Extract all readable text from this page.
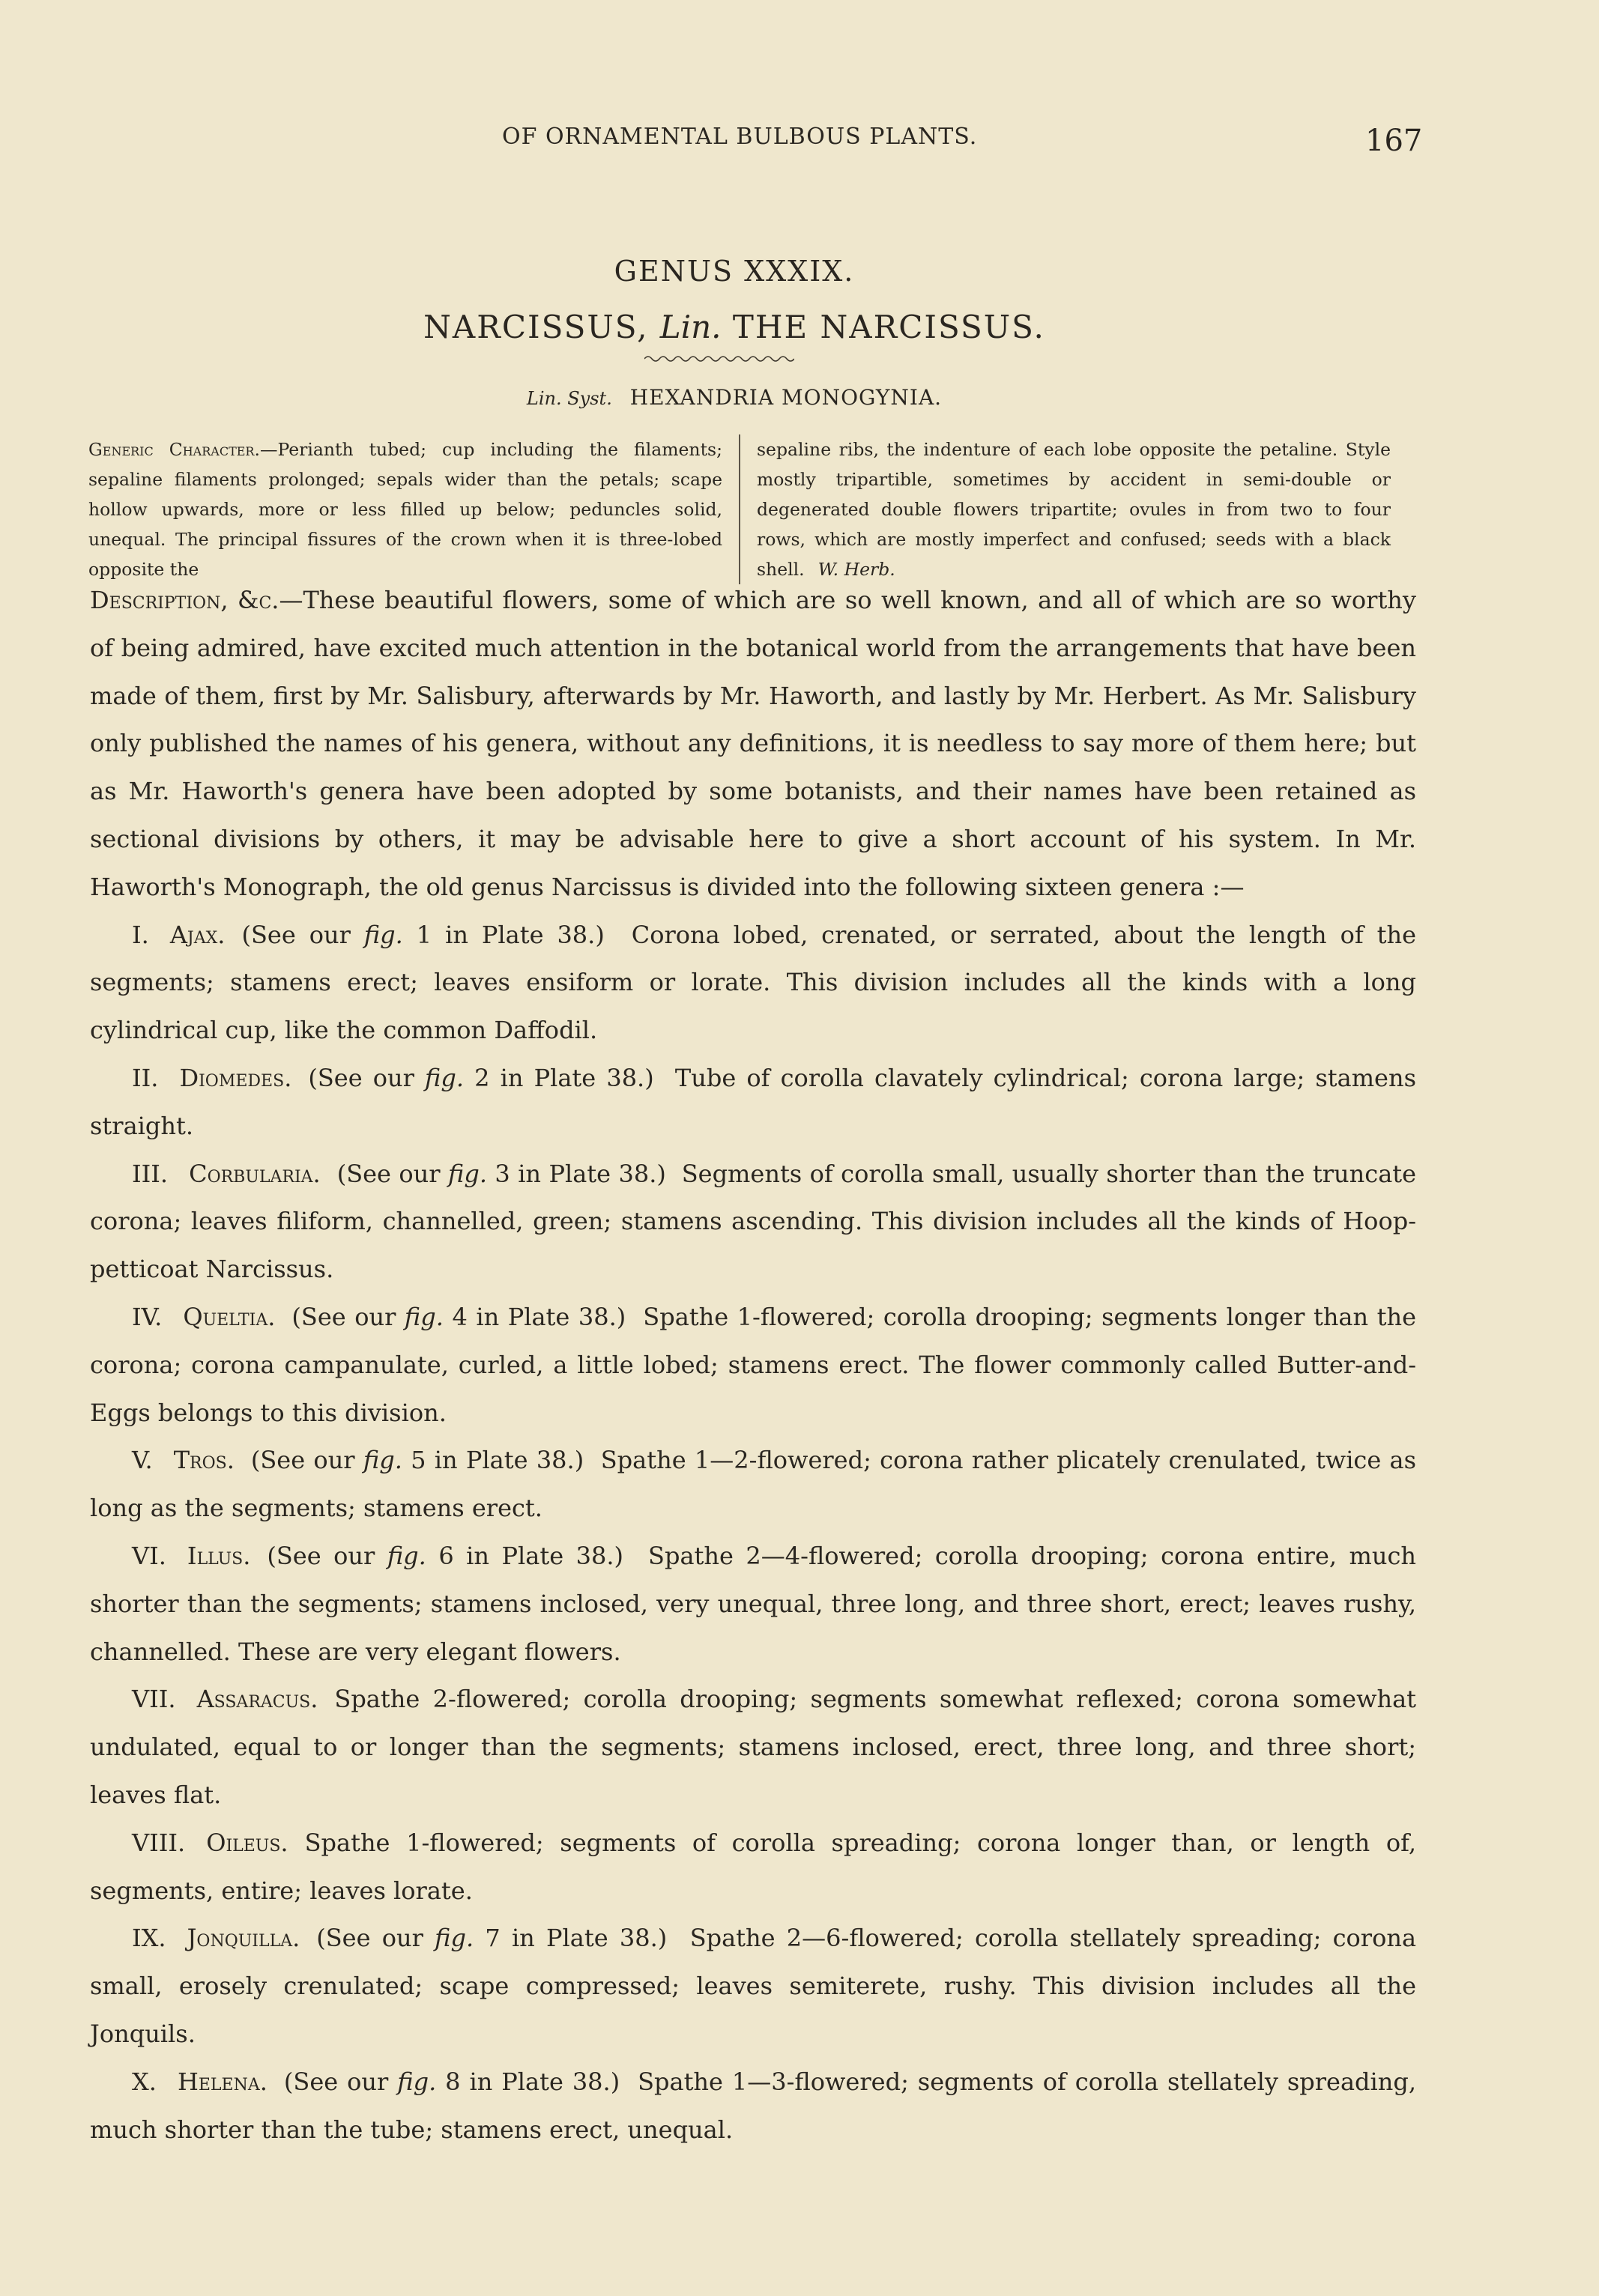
OF ORNAMENTAL BULBOUS PLANTS.	167
GENUS XXXIX.
NARCISSUS, Lin. THE NARCISSUS.
Lin. Syst. HEXANDRIA MONOGYNIA.
Generic Character.—Perianth tubed; cup including the filaments; sepaline filaments prolonged; sepals wider than the petals; scape hollow upwards, more or less filled up below; peduncles solid, unequal. The principal fissures of the crown when it is three-lobed opposite the
sepaline ribs, the indenture of each lobe opposite the petaline. Style mostly tripartible, sometimes by accident in semi-double or degenerated double flowers tripartite; ovules in from two to four rows, which are mostly imperfect and confused; seeds with a black shell. W. Herb.

Description, &c.—These beautiful flowers, some of which are so well known, and all of which are so worthy of being admired, have excited much attention in the botanical world from the arrangements that have been made of them, first by Mr. Salisbury, afterwards by Mr. Haworth, and lastly by Mr. Herbert. As Mr. Salisbury only published the names of his genera, without any definitions, it is needless to say more of them here; but as Mr. Haworth's genera have been adopted by some botanists, and their names have been retained as sectional divisions by others, it may be advisable here to give a short account of his system. In Mr. Haworth's Monograph, the old genus Narcissus is divided into the following sixteen genera :—

I. Ajax. (See our fig. 1 in Plate 38.) Corona lobed, crenated, or serrated, about the length of the segments; stamens erect; leaves ensiform or lorate. This division includes all the kinds with a long cylindrical cup, like the common Daffodil.

II. Diomedes. (See our fig. 2 in Plate 38.) Tube of corolla clavately cylindrical; corona large; stamens straight.

III. Corbularia. (See our fig. 3 in Plate 38.) Segments of corolla small, usually shorter than the truncate corona; leaves filiform, channelled, green; stamens ascending. This division includes all the kinds of Hoop-petticoat Narcissus.

IV. Queltia. (See our fig. 4 in Plate 38.) Spathe 1-flowered; corolla drooping; segments longer than the corona; corona campanulate, curled, a little lobed; stamens erect. The flower commonly called Butter-and-Eggs belongs to this division.

V. Tros. (See our fig. 5 in Plate 38.) Spathe 1—2-flowered; corona rather plicately crenulated, twice as long as the segments; stamens erect.

VI. Illus. (See our fig. 6 in Plate 38.) Spathe 2—4-flowered; corolla drooping; corona entire, much shorter than the segments; stamens inclosed, very unequal, three long, and three short, erect; leaves rushy, channelled. These are very elegant flowers.

VII. Assaracus. Spathe 2-flowered; corolla drooping; segments somewhat reflexed; corona somewhat undulated, equal to or longer than the segments; stamens inclosed, erect, three long, and three short; leaves flat.

VIII. Oileus. Spathe 1-flowered; segments of corolla spreading; corona longer than, or length of, segments, entire; leaves lorate.

IX. Jonquilla. (See our fig. 7 in Plate 38.) Spathe 2—6-flowered; corolla stellately spreading; corona small, erosely crenulated; scape compressed; leaves semiterete, rushy. This division includes all the Jonquils.

X. Helena. (See our fig. 8 in Plate 38.) Spathe 1—3-flowered; segments of corolla stellately spreading, much shorter than the tube; stamens erect, unequal.
